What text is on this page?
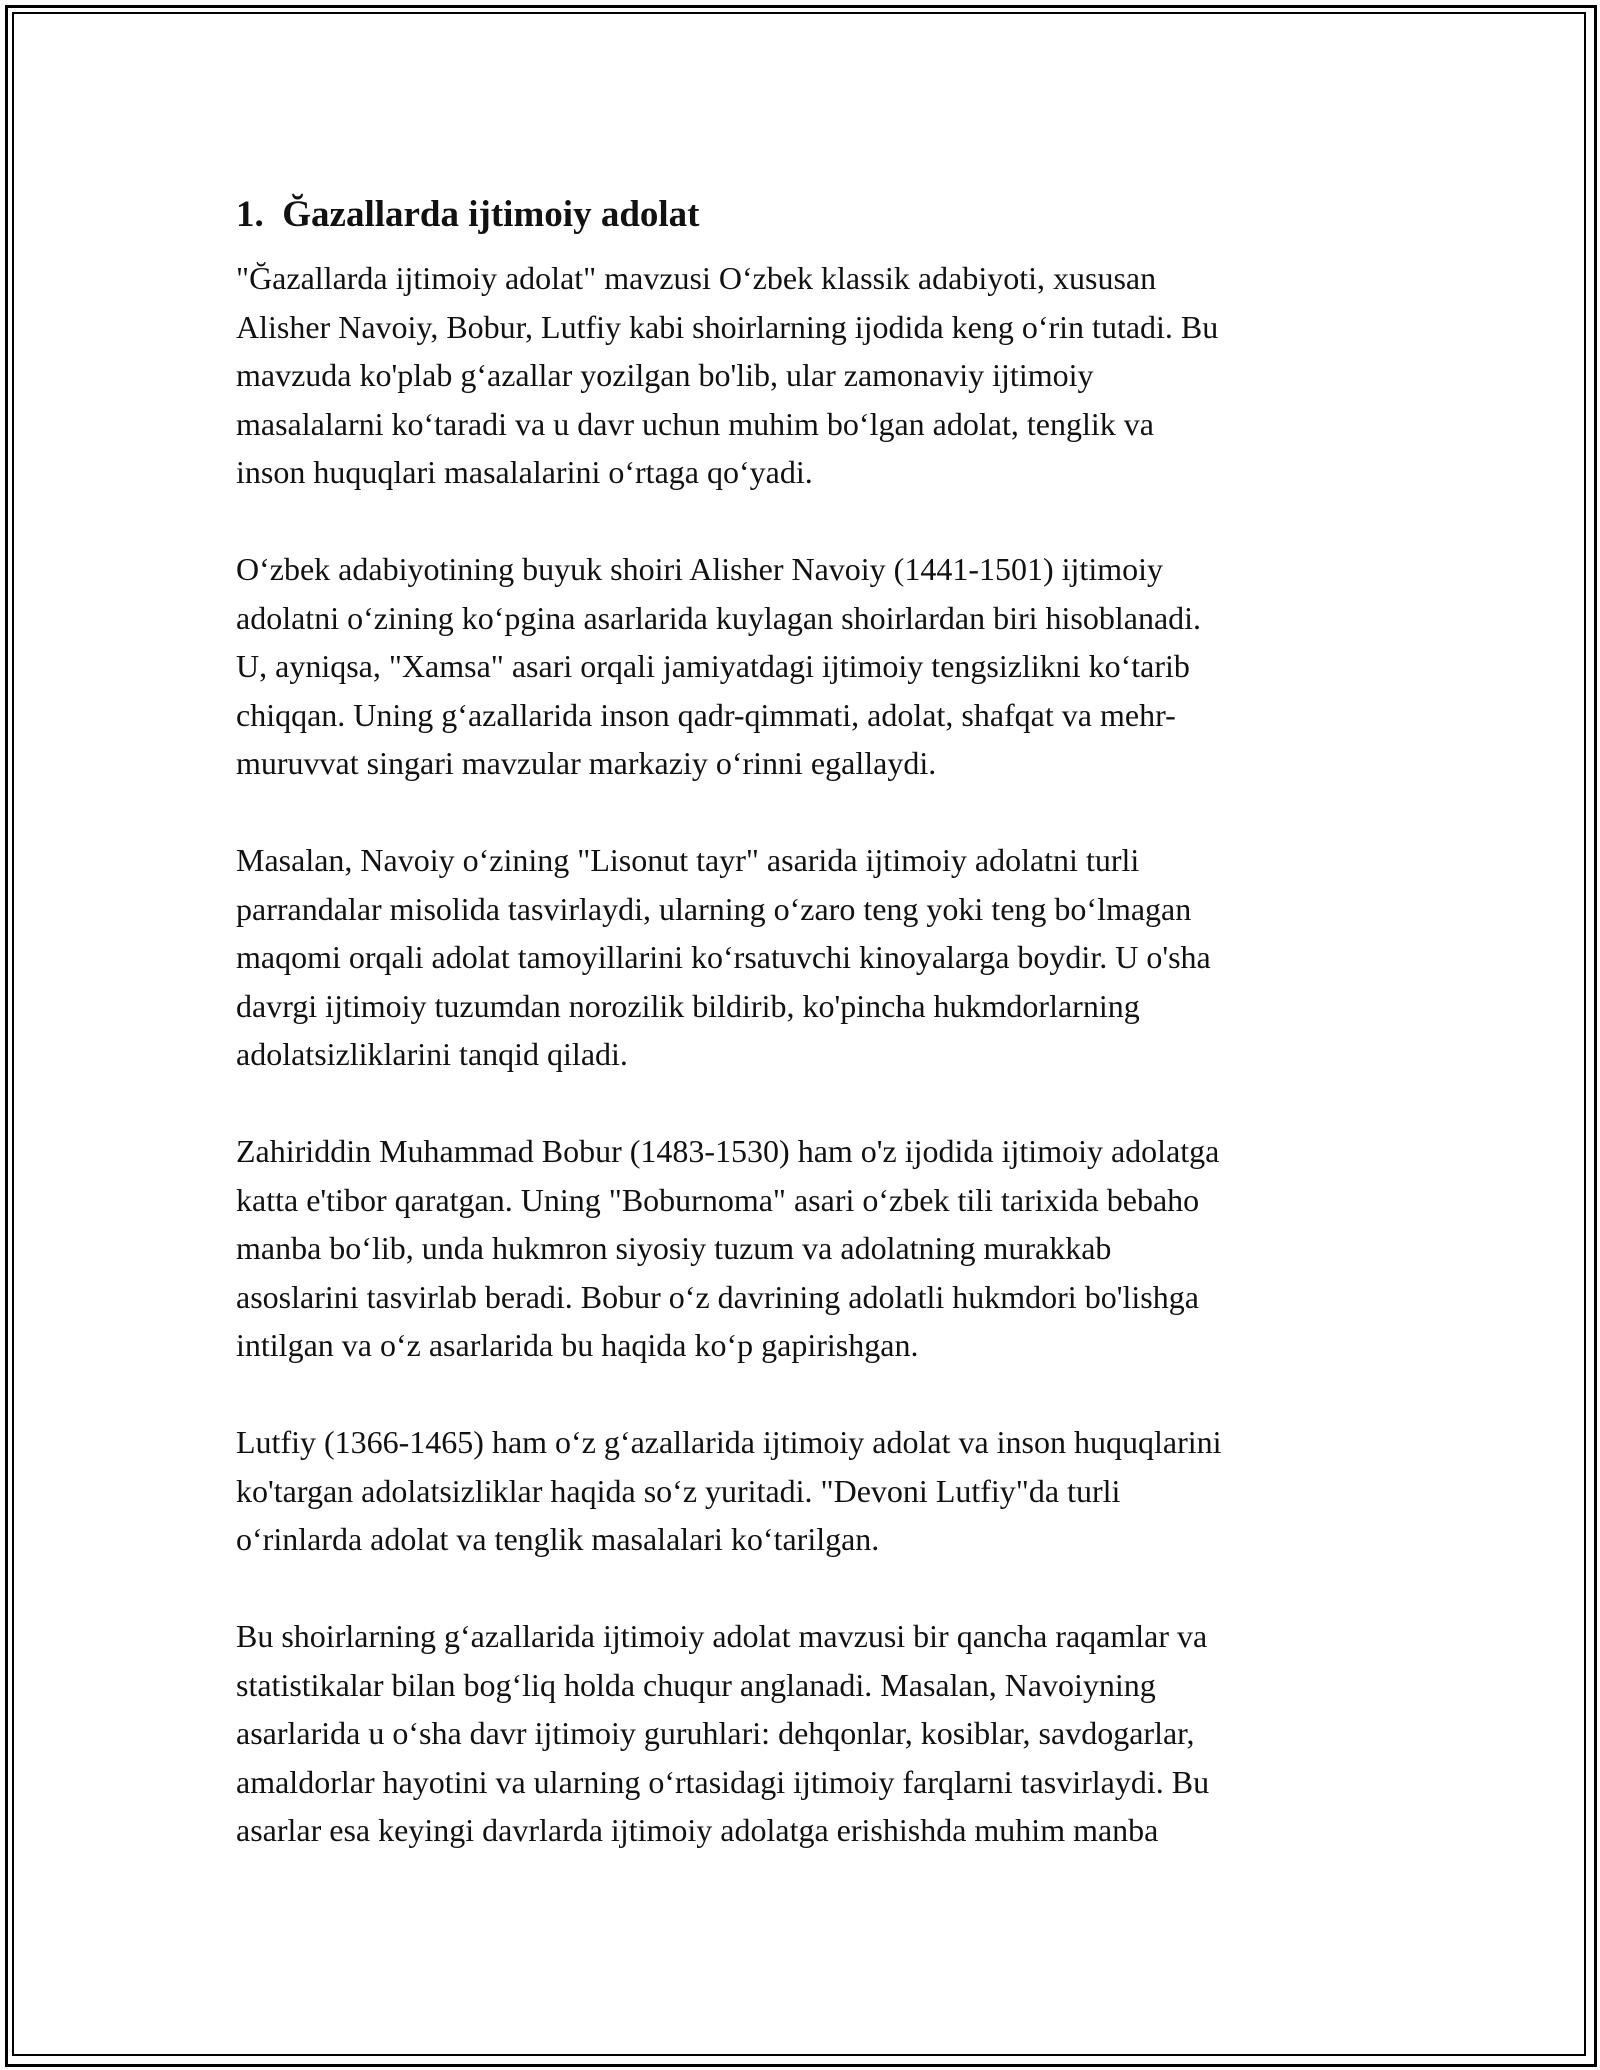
1.  Ğazallarda ijtimoiy adolat

"Ğazallarda ijtimoiy adolat" mavzusi Oʻzbek klassik adabiyoti, xususan
Alisher Navoiy, Bobur, Lutfiy kabi shoirlarning ijodida keng oʻrin tutadi. Bu
mavzuda ko'plab gʻazallar yozilgan bo'lib, ular zamonaviy ijtimoiy
masalalarni koʻtaradi va u davr uchun muhim boʻlgan adolat, tenglik va
inson huquqlari masalalarini oʻrtaga qoʻyadi.

Oʻzbek adabiyotining buyuk shoiri Alisher Navoiy (1441-1501) ijtimoiy
adolatni oʻzining koʻpgina asarlarida kuylagan shoirlardan biri hisoblanadi.
U, ayniqsa, "Xamsa" asari orqali jamiyatdagi ijtimoiy tengsizlikni koʻtarib
chiqqan. Uning gʻazallarida inson qadr-qimmati, adolat, shafqat va mehr-
muruvvat singari mavzular markaziy oʻrinni egallaydi.

Masalan, Navoiy oʻzining "Lisonut tayr" asarida ijtimoiy adolatni turli
parrandalar misolida tasvirlaydi, ularning oʻzaro teng yoki teng boʻlmagan
maqomi orqali adolat tamoyillarini koʻrsatuvchi kinoyalarga boydir. U o'sha
davrgi ijtimoiy tuzumdan norozilik bildirib, ko'pincha hukmdorlarning
adolatsizliklarini tanqid qiladi.

Zahiriddin Muhammad Bobur (1483-1530) ham o'z ijodida ijtimoiy adolatga
katta e'tibor qaratgan. Uning "Boburnoma" asari oʻzbek tili tarixida bebaho
manba boʻlib, unda hukmron siyosiy tuzum va adolatning murakkab
asoslarini tasvirlab beradi. Bobur oʻz davrining adolatli hukmdori bo'lishga
intilgan va oʻz asarlarida bu haqida koʻp gapirishgan.

Lutfiy (1366-1465) ham oʻz gʻazallarida ijtimoiy adolat va inson huquqlarini
ko'targan adolatsizliklar haqida soʻz yuritadi. "Devoni Lutfiy"da turli
oʻrinlarda adolat va tenglik masalalari koʻtarilgan.

Bu shoirlarning gʻazallarida ijtimoiy adolat mavzusi bir qancha raqamlar va
statistikalar bilan bogʻliq holda chuqur anglanadi. Masalan, Navoiyning
asarlarida u oʻsha davr ijtimoiy guruhlari: dehqonlar, kosiblar, savdogarlar,
amaldorlar hayotini va ularning oʻrtasidagi ijtimoiy farqlarni tasvirlaydi. Bu
asarlar esa keyingi davrlarda ijtimoiy adolatga erishishda muhim manba
